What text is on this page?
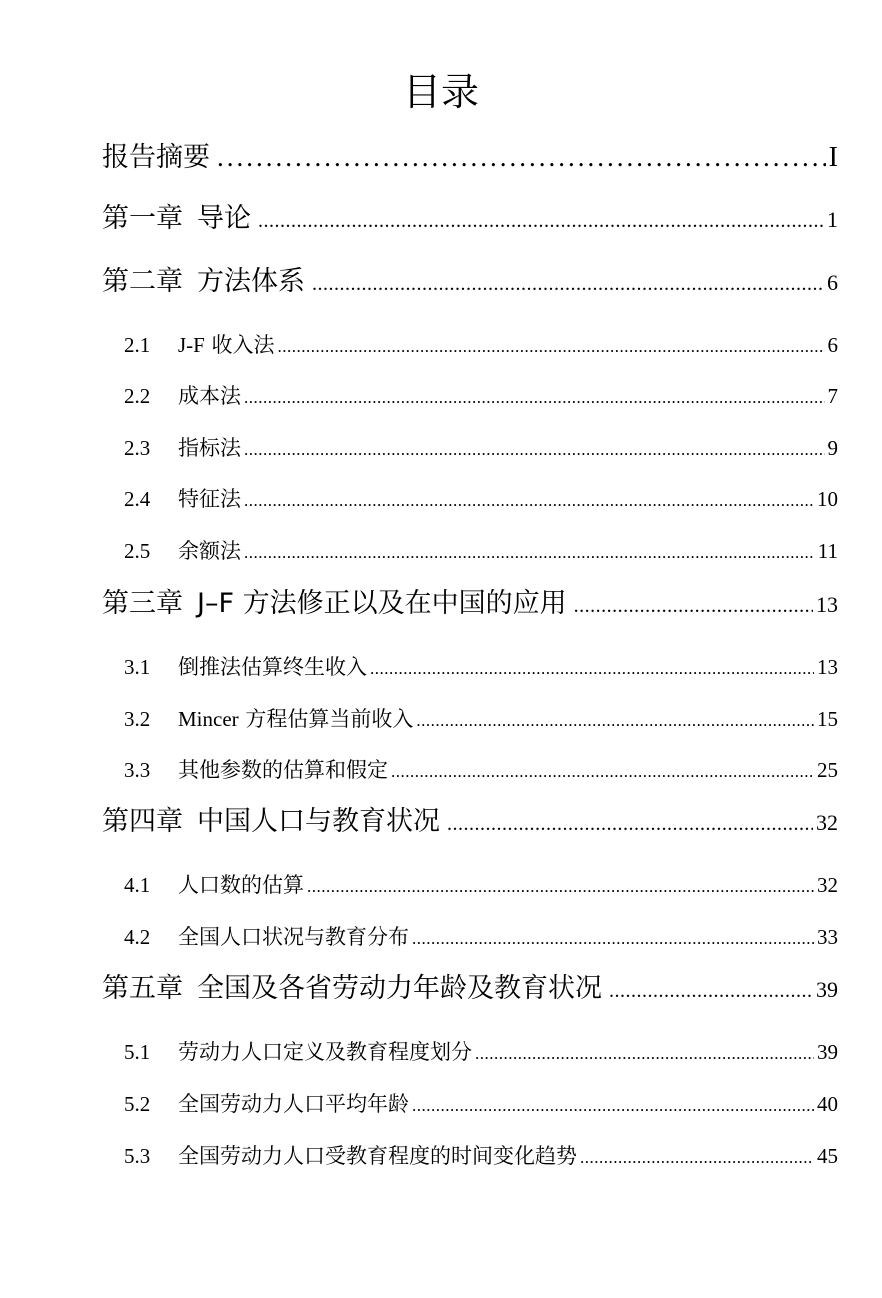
目录
报告摘要 .....	I
第一章 导论 .....	1
第二章 方法体系 .....	6
2.1	J-F 收入法 .....	6
2.2	成本法 .....	7
2.3	指标法 .....	9
2.4	特征法 .....	10
2.5	余额法 .....	11
第三章 J–F 方法修正以及在中国的应用 .....	13
3.1	倒推法估算终生收入 .....	13
3.2	Mincer 方程估算当前收入 .....	15
3.3	其他参数的估算和假定 .....	25
第四章 中国人口与教育状况 .....	32
4.1	人口数的估算 .....	32
4.2	全国人口状况与教育分布 .....	33
第五章 全国及各省劳动力年龄及教育状况 .....	39
5.1	劳动力人口定义及教育程度划分 .....	39
5.2	全国劳动力人口平均年龄 .....	40
5.3	全国劳动力人口受教育程度的时间变化趋势 .....	45
